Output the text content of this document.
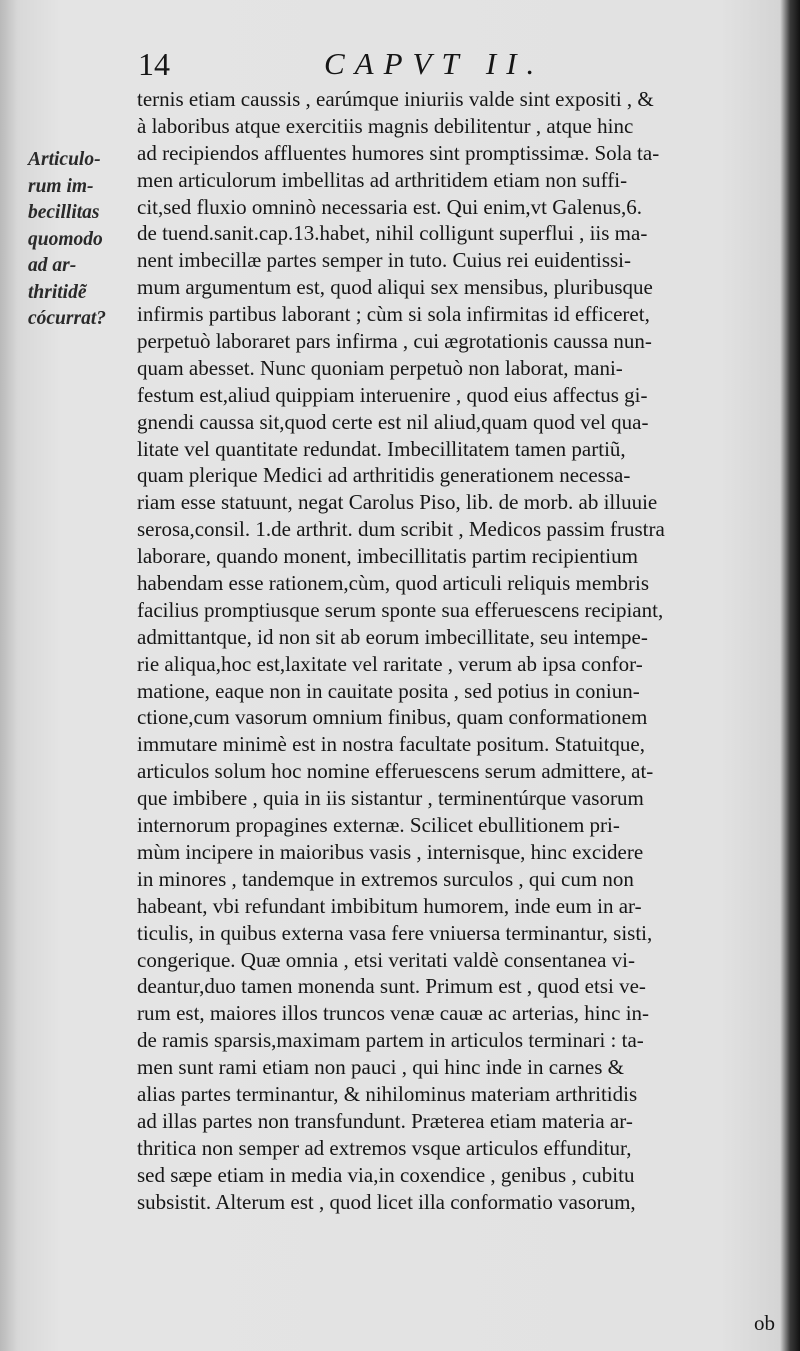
14	CAPVT II.
Articulo-
rum im-
becillitas
quomodo
ad ar-
thritidẽ
cócurrat?
ternis etiam caussis , earúmque iniuriis valde sint expositi , &
à laboribus atque exercitiis magnis debilitentur , atque hinc
ad recipiendos affluentes humores sint promptissimæ. Sola ta-
men articulorum imbellitas ad arthritidem etiam non suffi-
cit,sed fluxio omninò necessaria est. Qui enim,vt Galenus,6.
de tuend.sanit.cap.13.habet, nihil colligunt superflui , iis ma-
nent imbecillæ partes semper in tuto. Cuius rei euidentissi-
mum argumentum est, quod aliqui sex mensibus, pluribusque
infirmis partibus laborant ; cùm si sola infirmitas id efficeret,
perpetuò laboraret pars infirma , cui ægrotationis caussa nun-
quam abesset. Nunc quoniam perpetuò non laborat, mani-
festum est,aliud quippiam interuenire , quod eius affectus gi-
gnendi caussa sit,quod certe est nil aliud,quam quod vel qua-
litate vel quantitate redundat. Imbecillitatem tamen partiũ,
quam plerique Medici ad arthritidis generationem necessa-
riam esse statuunt, negat Carolus Piso, lib. de morb. ab illuuie
serosa,consil. 1.de arthrit. dum scribit , Medicos passim frustra
laborare, quando monent, imbecillitatis partim recipientium
habendam esse rationem,cùm, quod articuli reliquis membris
facilius promptiusque serum sponte sua efferuescens recipiant,
admittantque, id non sit ab eorum imbecillitate, seu intempe-
rie aliqua,hoc est,laxitate vel raritate , verum ab ipsa confor-
matione, eaque non in cauitate posita , sed potius in coniun-
ctione,cum vasorum omnium finibus, quam conformationem
immutare minimè est in nostra facultate positum. Statuitque,
articulos solum hoc nomine efferuescens serum admittere, at-
que imbibere , quia in iis sistantur , terminentúrque vasorum
internorum propagines externæ. Scilicet ebullitionem pri-
mùm incipere in maioribus vasis , internisque, hinc excidere
in minores , tandemque in extremos surculos , qui cum non
habeant, vbi refundant imbibitum humorem, inde eum in ar-
ticulis, in quibus externa vasa fere vniuersa terminantur, sisti,
congerique. Quæ omnia , etsi veritati valdè consentanea vi-
deantur,duo tamen monenda sunt. Primum est , quod etsi ve-
rum est, maiores illos truncos venæ cauæ ac arterias, hinc in-
de ramis sparsis,maximam partem in articulos terminari : ta-
men sunt rami etiam non pauci , qui hinc inde in carnes &
alias partes terminantur, & nihilominus materiam arthritidis
ad illas partes non transfundunt. Præterea etiam materia ar-
thritica non semper ad extremos vsque articulos effunditur,
sed sæpe etiam in media via,in coxendice , genibus , cubitu
subsistit. Alterum est , quod licet illa conformatio vasorum,
ob
